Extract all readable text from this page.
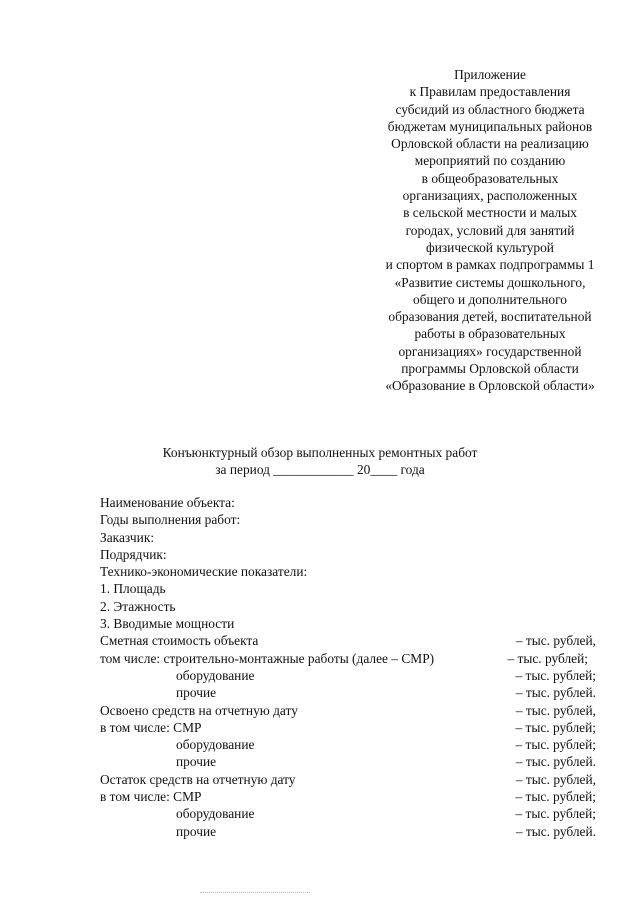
Приложение
к Правилам предоставления
субсидий из областного бюджета
бюджетам муниципальных районов
Орловской области на реализацию
мероприятий по созданию
в общеобразовательных
организациях, расположенных
в сельской местности и малых
городах, условий для занятий
физической культурой
и спортом в рамках подпрограммы 1
«Развитие системы дошкольного,
общего и дополнительного
образования детей, воспитательной
работы в образовательных
организациях» государственной
программы Орловской области
«Образование в Орловской области»
Конъюнктурный обзор выполненных ремонтных работ
за период ____________ 20____ года
Наименование объекта:
Годы выполнения работ:
Заказчик:
Подрядчик:
Технико-экономические показатели:
1. Площадь
2. Этажность
3. Вводимые мощности
Сметная стоимость объекта	– тыс. рублей,
том числе: строительно-монтажные работы (далее – СМР)	– тыс. рублей;
оборудование	– тыс. рублей;
прочие	– тыс. рублей.
Освоено средств на отчетную дату	– тыс. рублей,
в том числе: СМР	– тыс. рублей;
оборудование	– тыс. рублей;
прочие	– тыс. рублей.
Остаток средств на отчетную дату	– тыс. рублей,
в том числе: СМР	– тыс. рублей;
оборудование	– тыс. рублей;
прочие	– тыс. рублей.
